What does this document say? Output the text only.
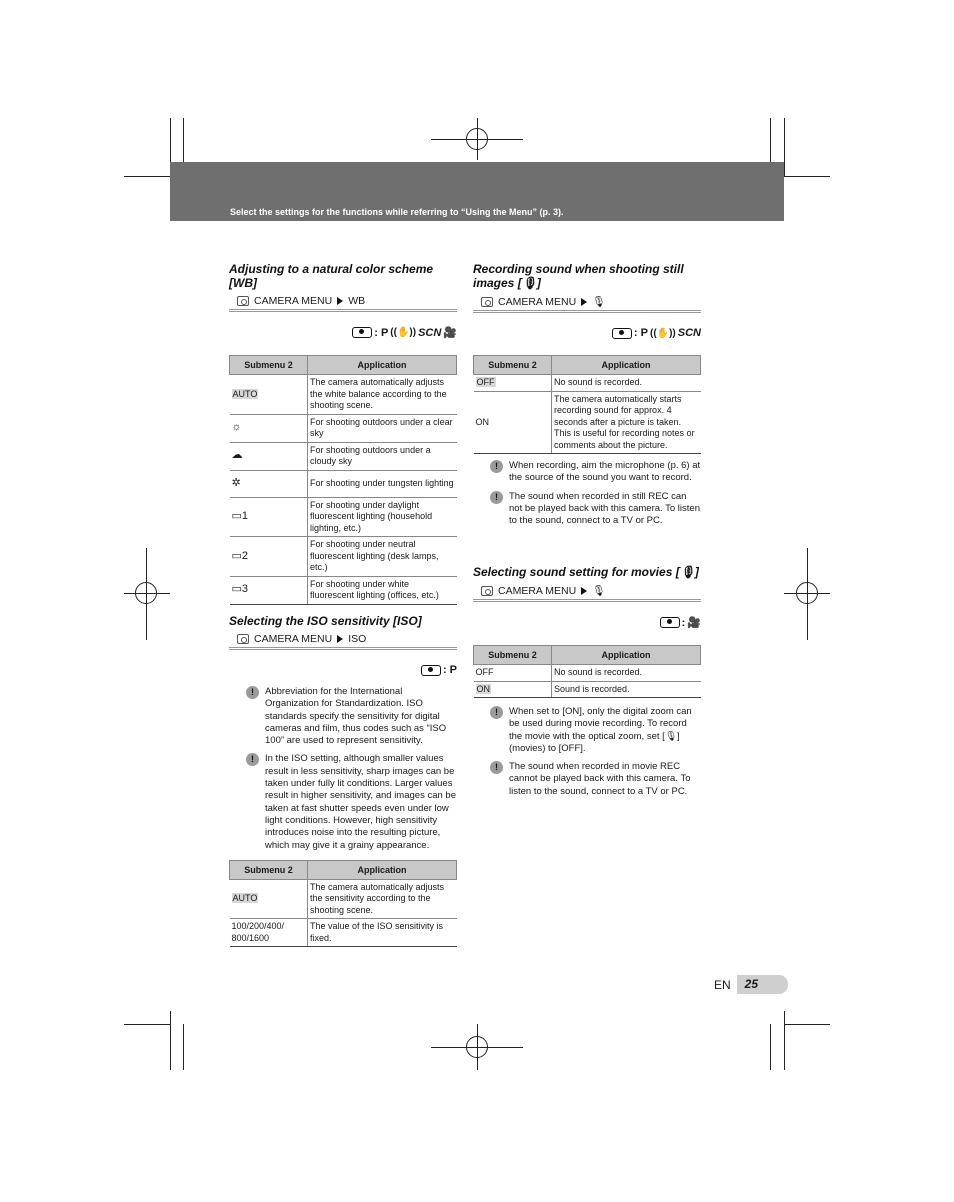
Select the settings for the functions while referring to “Using the Menu” (p. 3).
Adjusting to a natural color scheme [WB]
CAMERA MENU WB
: P ((✋)) SCN 🎥
Submenu 2	Application
AUTO	The camera automatically adjusts the white balance according to the shooting scene.
☼	For shooting outdoors under a clear sky
☁	For shooting outdoors under a cloudy sky
✲	For shooting under tungsten lighting
▭1	For shooting under daylight fluorescent lighting (household lighting, etc.)
▭2	For shooting under neutral fluorescent lighting (desk lamps, etc.)
▭3	For shooting under white fluorescent lighting (offices, etc.)
Selecting the ISO sensitivity [ISO]
CAMERA MENU ISO
: P
!	Abbreviation for the International Organization for Standardization. ISO standards specify the sensitivity for digital cameras and film, thus codes such as “ISO 100” are used to represent sensitivity.
!	In the ISO setting, although smaller values result in less sensitivity, sharp images can be taken under fully lit conditions. Larger values result in higher sensitivity, and images can be taken at fast shutter speeds even under low light conditions. However, high sensitivity introduces noise into the resulting picture, which may give it a grainy appearance.
Submenu 2	Application
AUTO	The camera automatically adjusts the sensitivity according to the shooting scene.
100/200/400/ 800/1600	The value of the ISO sensitivity is fixed.
Recording sound when shooting still images [🎙]
CAMERA MENU 🎙
: P ((✋)) SCN
Submenu 2	Application
OFF	No sound is recorded.
ON	The camera automatically starts recording sound for approx. 4 seconds after a picture is taken. This is useful for recording notes or comments about the picture.
!	When recording, aim the microphone (p. 6) at the source of the sound you want to record.
!	The sound when recorded in still REC can not be played back with this camera. To listen to the sound, connect to a TV or PC.
Selecting sound setting for movies [🎙]
CAMERA MENU 🎙
: 🎥
Submenu 2	Application
OFF	No sound is recorded.
ON	Sound is recorded.
!	When set to [ON], only the digital zoom can be used during movie recording. To record the movie with the optical zoom, set [🎙] (movies) to [OFF].
!	The sound when recorded in movie REC cannot be played back with this camera. To listen to the sound, connect to a TV or PC.
EN	25
